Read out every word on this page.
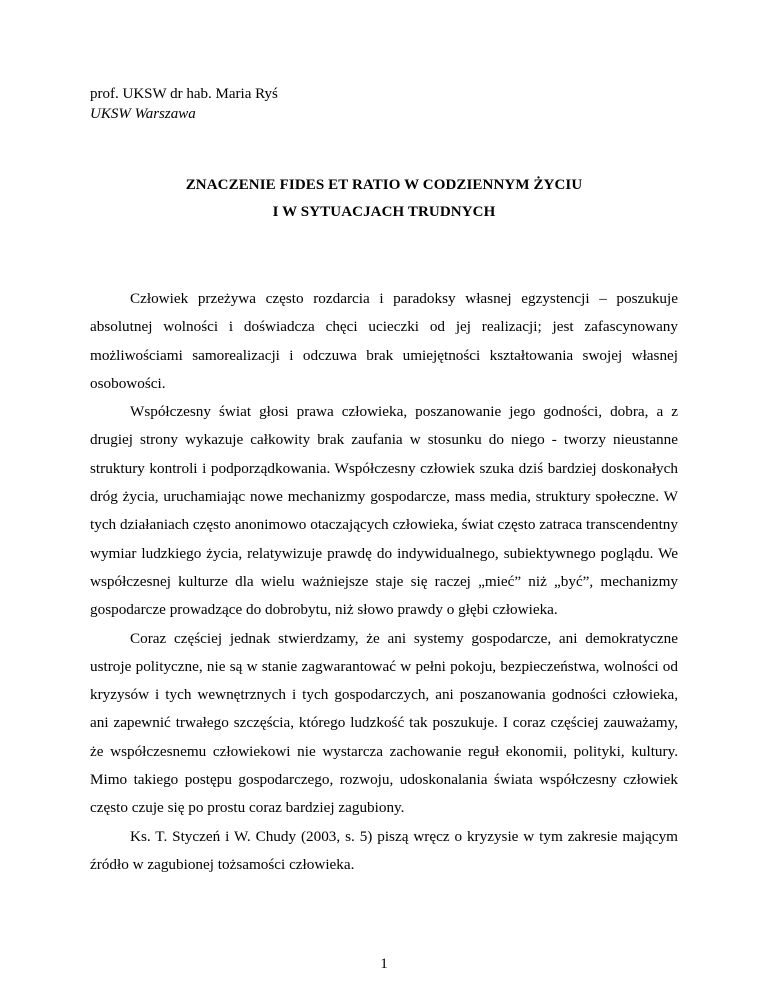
prof. UKSW dr hab. Maria Ryś
UKSW Warszawa
ZNACZENIE FIDES ET RATIO W CODZIENNYM ŻYCIU
I W SYTUACJACH TRUDNYCH

Człowiek przeżywa często rozdarcia i paradoksy własnej egzystencji – poszukuje absolutnej wolności i doświadcza chęci ucieczki od jej realizacji; jest zafascynowany możliwościami samorealizacji i odczuwa brak umiejętności kształtowania swojej własnej osobowości.

Współczesny świat głosi prawa człowieka, poszanowanie jego godności, dobra, a z drugiej strony wykazuje całkowity brak zaufania w stosunku do niego - tworzy nieustanne struktury kontroli i podporządkowania. Współczesny człowiek szuka dziś bardziej doskonałych dróg życia, uruchamiając nowe mechanizmy gospodarcze, mass media, struktury społeczne. W tych działaniach często anonimowo otaczających człowieka, świat często zatraca transcendentny wymiar ludzkiego życia, relatywizuje prawdę do indywidualnego, subiektywnego poglądu. We współczesnej kulturze dla wielu ważniejsze staje się raczej „mieć” niż „być”, mechanizmy gospodarcze prowadzące do dobrobytu, niż słowo prawdy o głębi człowieka.

Coraz częściej jednak stwierdzamy, że ani systemy gospodarcze, ani demokratyczne ustroje polityczne, nie są w stanie zagwarantować w pełni pokoju, bezpieczeństwa, wolności od kryzysów i tych wewnętrznych i tych gospodarczych, ani poszanowania godności człowieka, ani zapewnić trwałego szczęścia, którego ludzkość tak poszukuje. I coraz częściej zauważamy, że współczesnemu człowiekowi nie wystarcza zachowanie reguł ekonomii, polityki, kultury. Mimo takiego postępu gospodarczego, rozwoju, udoskonalania świata współczesny człowiek często czuje się po prostu coraz bardziej zagubiony.

Ks. T. Styczeń i W. Chudy (2003, s. 5) piszą wręcz o kryzysie w tym zakresie mającym źródło w zagubionej tożsamości człowieka.

1
